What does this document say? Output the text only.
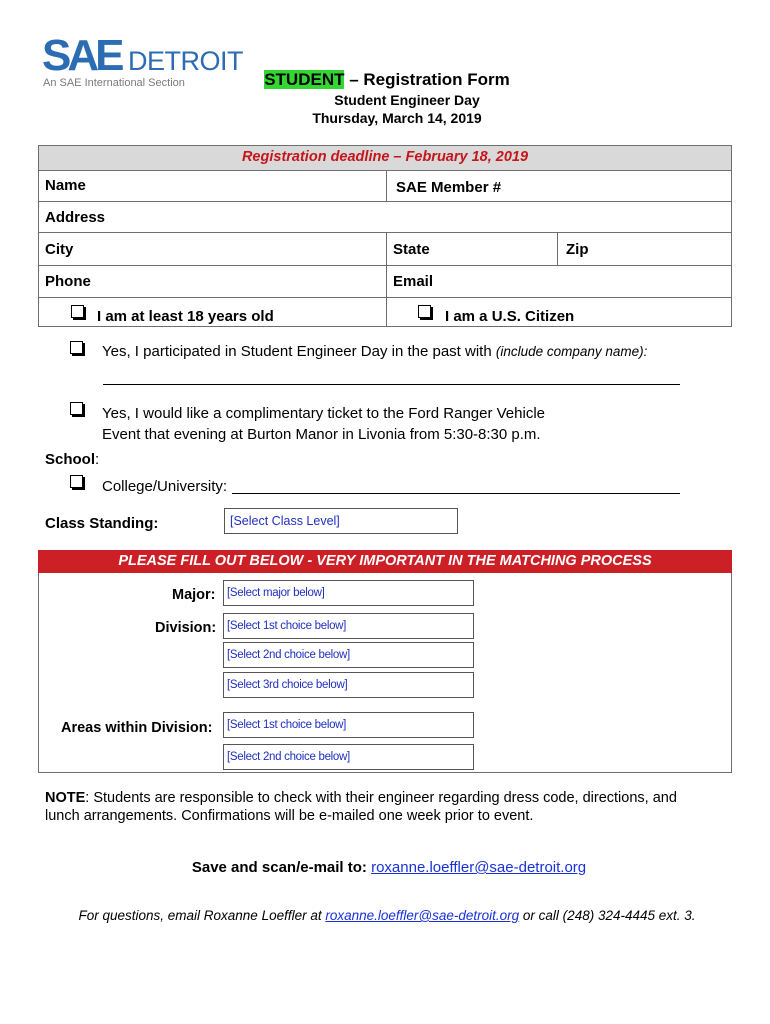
SAE DETROIT
An SAE International Section	STUDENT – Registration Form
Student Engineer Day
Thursday, March 14, 2019
Registration deadline – February 18, 2019
Name	SAE Member #
Address
City	State	Zip
Phone	Email
I am at least 18 years old	I am a U.S. Citizen
Yes, I participated in Student Engineer Day in the past with (include company name):
Yes, I would like a complimentary ticket to the Ford Ranger Vehicle
Event that evening at Burton Manor in Livonia from 5:30-8:30 p.m.
School:
College/University:
Class Standing:	[Select Class Level]
PLEASE FILL OUT BELOW - VERY IMPORTANT IN THE MATCHING PROCESS
Major:	[Select major below]
Division: [Select 1st choice below]
[Select 2nd choice below]
[Select 3rd choice below]
Areas within Division:	[Select 1st choice below]
[Select 2nd choice below]
NOTE: Students are responsible to check with their engineer regarding dress code, directions, and
lunch arrangements. Confirmations will be e-mailed one week prior to event.
Save and scan/e-mail to: roxanne.loeffler@sae-detroit.org
For questions, email Roxanne Loeffler at roxanne.loeffler@sae-detroit.org or call (248) 324-4445 ext. 3.
